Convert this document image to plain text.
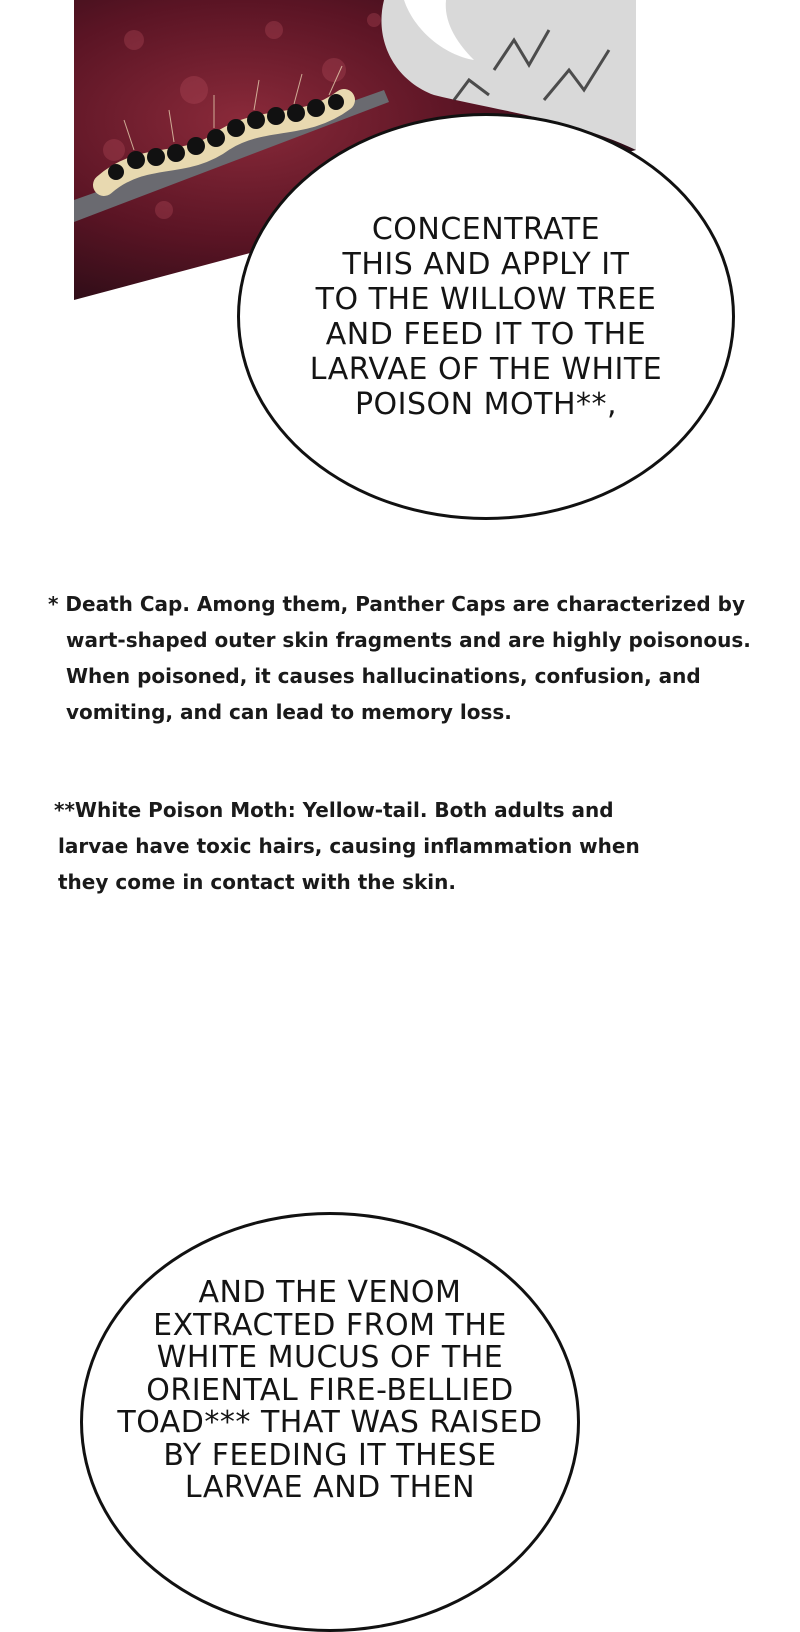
CONCENTRATE
THIS AND APPLY IT
TO THE WILLOW TREE
AND FEED IT TO THE
LARVAE OF THE WHITE
POISON MOTH**,
* Death Cap. Among them, Panther Caps are characterized by
wart-shaped outer skin fragments and are highly poisonous.
When poisoned, it causes hallucinations, confusion, and
vomiting, and can lead to memory loss.
**White Poison Moth: Yellow-tail. Both adults and
larvae have toxic hairs, causing inflammation when
they come in contact with the skin.
AND THE VENOM
EXTRACTED FROM THE
WHITE MUCUS OF THE
ORIENTAL FIRE-BELLIED
TOAD*** THAT WAS RAISED
BY FEEDING IT THESE
LARVAE AND THEN
